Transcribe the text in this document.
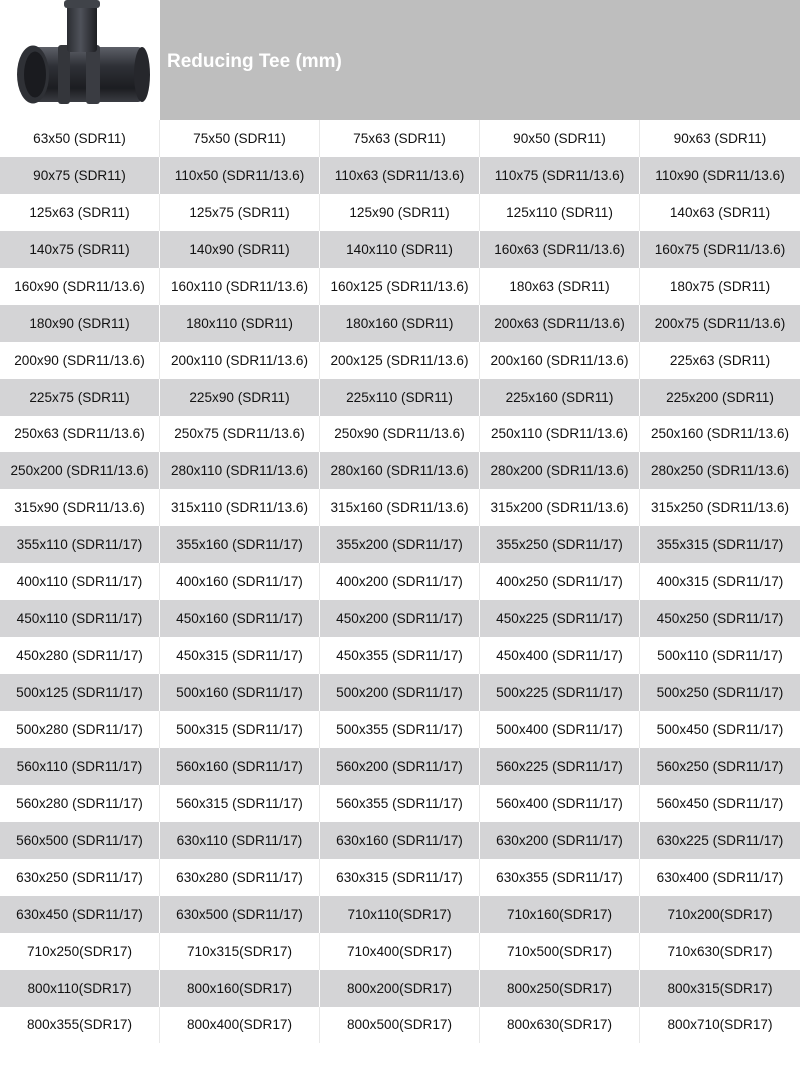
Reducing Tee (mm)
63x50 (SDR11)	75x50 (SDR11)	75x63 (SDR11)	90x50 (SDR11)	90x63 (SDR11)
90x75 (SDR11)	110x50 (SDR11/13.6)	110x63 (SDR11/13.6)	110x75 (SDR11/13.6)	110x90 (SDR11/13.6)
125x63 (SDR11)	125x75 (SDR11)	125x90 (SDR11)	125x110 (SDR11)	140x63 (SDR11)
140x75 (SDR11)	140x90 (SDR11)	140x110 (SDR11)	160x63 (SDR11/13.6)	160x75 (SDR11/13.6)
160x90 (SDR11/13.6)	160x110 (SDR11/13.6)	160x125 (SDR11/13.6)	180x63 (SDR11)	180x75 (SDR11)
180x90 (SDR11)	180x110 (SDR11)	180x160 (SDR11)	200x63 (SDR11/13.6)	200x75 (SDR11/13.6)
200x90 (SDR11/13.6)	200x110 (SDR11/13.6)	200x125 (SDR11/13.6)	200x160 (SDR11/13.6)	225x63 (SDR11)
225x75 (SDR11)	225x90 (SDR11)	225x110 (SDR11)	225x160 (SDR11)	225x200 (SDR11)
250x63 (SDR11/13.6)	250x75 (SDR11/13.6)	250x90 (SDR11/13.6)	250x110 (SDR11/13.6)	250x160 (SDR11/13.6)
250x200 (SDR11/13.6)	280x110 (SDR11/13.6)	280x160 (SDR11/13.6)	280x200 (SDR11/13.6)	280x250 (SDR11/13.6)
315x90 (SDR11/13.6)	315x110 (SDR11/13.6)	315x160 (SDR11/13.6)	315x200 (SDR11/13.6)	315x250 (SDR11/13.6)
355x110 (SDR11/17)	355x160 (SDR11/17)	355x200 (SDR11/17)	355x250 (SDR11/17)	355x315 (SDR11/17)
400x110 (SDR11/17)	400x160 (SDR11/17)	400x200 (SDR11/17)	400x250 (SDR11/17)	400x315 (SDR11/17)
450x110 (SDR11/17)	450x160 (SDR11/17)	450x200 (SDR11/17)	450x225 (SDR11/17)	450x250 (SDR11/17)
450x280 (SDR11/17)	450x315 (SDR11/17)	450x355 (SDR11/17)	450x400 (SDR11/17)	500x110 (SDR11/17)
500x125 (SDR11/17)	500x160 (SDR11/17)	500x200 (SDR11/17)	500x225 (SDR11/17)	500x250 (SDR11/17)
500x280 (SDR11/17)	500x315 (SDR11/17)	500x355 (SDR11/17)	500x400 (SDR11/17)	500x450 (SDR11/17)
560x110 (SDR11/17)	560x160 (SDR11/17)	560x200 (SDR11/17)	560x225 (SDR11/17)	560x250 (SDR11/17)
560x280 (SDR11/17)	560x315 (SDR11/17)	560x355 (SDR11/17)	560x400 (SDR11/17)	560x450 (SDR11/17)
560x500 (SDR11/17)	630x110 (SDR11/17)	630x160 (SDR11/17)	630x200 (SDR11/17)	630x225 (SDR11/17)
630x250 (SDR11/17)	630x280 (SDR11/17)	630x315 (SDR11/17)	630x355 (SDR11/17)	630x400 (SDR11/17)
630x450 (SDR11/17)	630x500 (SDR11/17)	710x110(SDR17)	710x160(SDR17)	710x200(SDR17)
710x250(SDR17)	710x315(SDR17)	710x400(SDR17)	710x500(SDR17)	710x630(SDR17)
800x110(SDR17)	800x160(SDR17)	800x200(SDR17)	800x250(SDR17)	800x315(SDR17)
800x355(SDR17)	800x400(SDR17)	800x500(SDR17)	800x630(SDR17)	800x710(SDR17)
